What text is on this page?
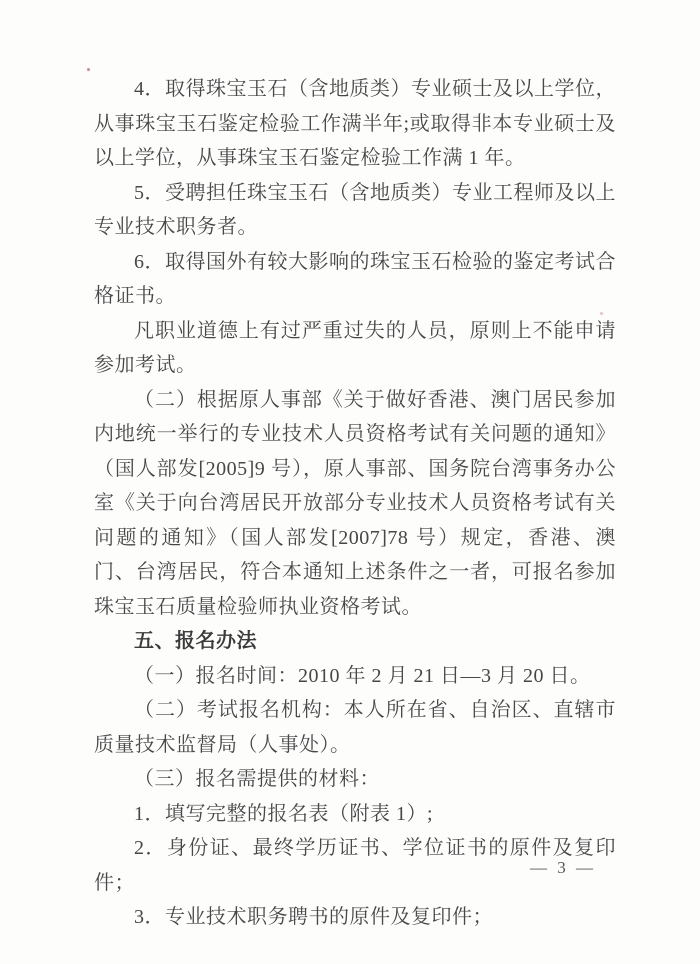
4．取得珠宝玉石（含地质类）专业硕士及以上学位，从事珠宝玉石鉴定检验工作满半年;或取得非本专业硕士及以上学位，从事珠宝玉石鉴定检验工作满 1 年。

5．受聘担任珠宝玉石（含地质类）专业工程师及以上专业技术职务者。

6．取得国外有较大影响的珠宝玉石检验的鉴定考试合格证书。

凡职业道德上有过严重过失的人员，原则上不能申请参加考试。

（二）根据原人事部《关于做好香港、澳门居民参加内地统一举行的专业技术人员资格考试有关问题的通知》（国人部发[2005]9 号），原人事部、国务院台湾事务办公室《关于向台湾居民开放部分专业技术人员资格考试有关问题的通知》（国人部发[2007]78 号）规定，香港、澳门、台湾居民，符合本通知上述条件之一者，可报名参加珠宝玉石质量检验师执业资格考试。

五、报名办法

（一）报名时间：2010 年 2 月 21 日—3 月 20 日。

（二）考试报名机构：本人所在省、自治区、直辖市质量技术监督局（人事处）。

（三）报名需提供的材料：

1．填写完整的报名表（附表 1）;

2．身份证、最终学历证书、学位证书的原件及复印件；

3．专业技术职务聘书的原件及复印件；

— 3 —
